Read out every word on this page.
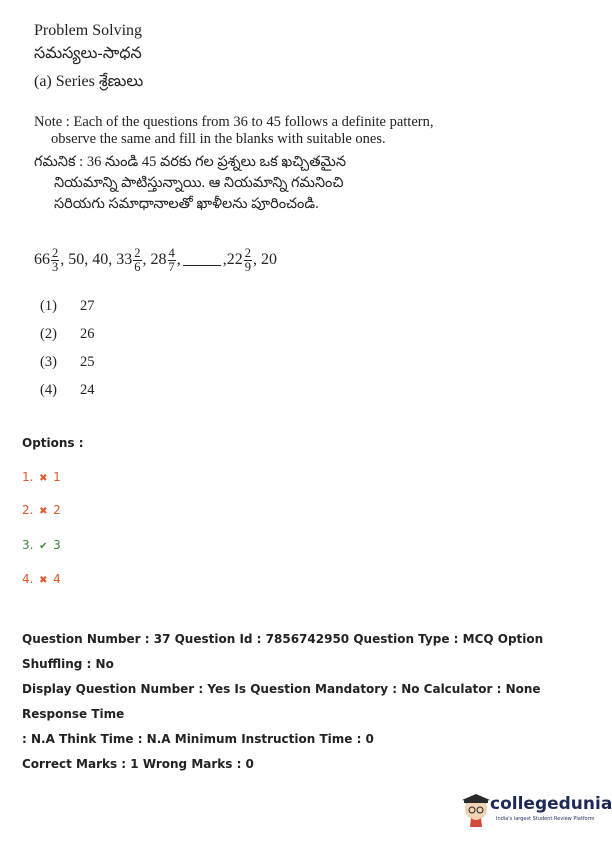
Problem Solving
సమస్యలు-సాధన
(a) Series శ్రేణులు
Note : Each of the questions from 36 to 45 follows a definite pattern,
observe the same and fill in the blanks with suitable ones.
గమనిక : 36 నుండి 45 వరకు గల ప్రశ్నలు ఒక ఖచ్చితమైన

నియమాన్ని పాటిస్తున్నాయి. ఆ నియమాన్ని గమనించి
సరియగు సమాధానాలతో ఖాళీలను పూరించండి.
$66 \frac{2}{3}$ , 50, 40, $33 \frac{2}{6}$ , $28 \frac{4}{7}$ ,	$,22 \frac{2}{9}$ , 20
(1) 27
(2) 26
(3) 25
(4) 24
Options :
1. ✖ 1
2. ✖ 2
3. ✔ 3
4. ✖ 4
Question Number : 37 Question Id : 7856742950 Question Type : MCQ Option Shuffling : No
Display Question Number : Yes Is Question Mandatory : No Calculator : None Response Time
: N.A Think Time : N.A Minimum Instruction Time : 0
Correct Marks : 1 Wrong Marks : 0
collegedunia
India's largest Student Review Platform
